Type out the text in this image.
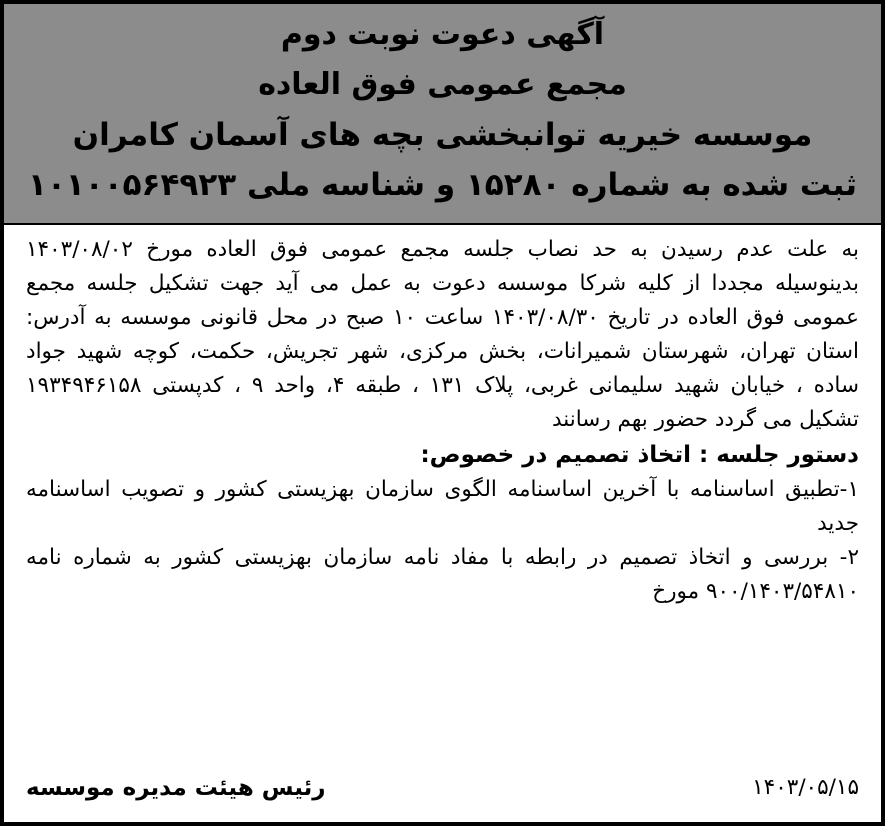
آگهی دعوت نوبت دوم
مجمع عمومی فوق العاده
موسسه خیریه توانبخشی بچه های آسمان کامران
ثبت شده به شماره ۱۵۲۸۰ و شناسه ملی ۱۰۱۰۰۵۶۴۹۲۳

به علت عدم رسیدن به حد نصاب جلسه مجمع عمومی فوق العاده مورخ ۱۴۰۳/۰۸/۰۲ بدینوسیله مجددا از کلیه شرکا موسسه دعوت به عمل می آید جهت تشکیل جلسه مجمع عمومی فوق العاده در تاریخ ۱۴۰۳/۰۸/۳۰ ساعت ۱۰ صبح در محل قانونی موسسه به آدرس: استان تهران، شهرستان شمیرانات، بخش مرکزی، شهر تجریش، حکمت، کوچه شهید جواد ساده ، خیابان شهید سلیمانی غربی، پلاک ۱۳۱ ، طبقه ۴، واحد ۹ ، کدپستی ۱۹۳۴۹۴۶۱۵۸ تشکیل می گردد حضور بهم رسانند

دستور جلسه : اتخاذ تصمیم در خصوص:

۱-تطبیق اساسنامه با آخرین اساسنامه الگوی سازمان بهزیستی کشور و تصویب اساسنامه جدید

۲- بررسی و اتخاذ تصمیم در رابطه با مفاد نامه سازمان بهزیستی کشور به شماره نامه ۹۰۰/۱۴۰۳/۵۴۸۱۰ مورخ

۱۴۰۳/۰۵/۱۵
رئیس هیئت مدیره موسسه
